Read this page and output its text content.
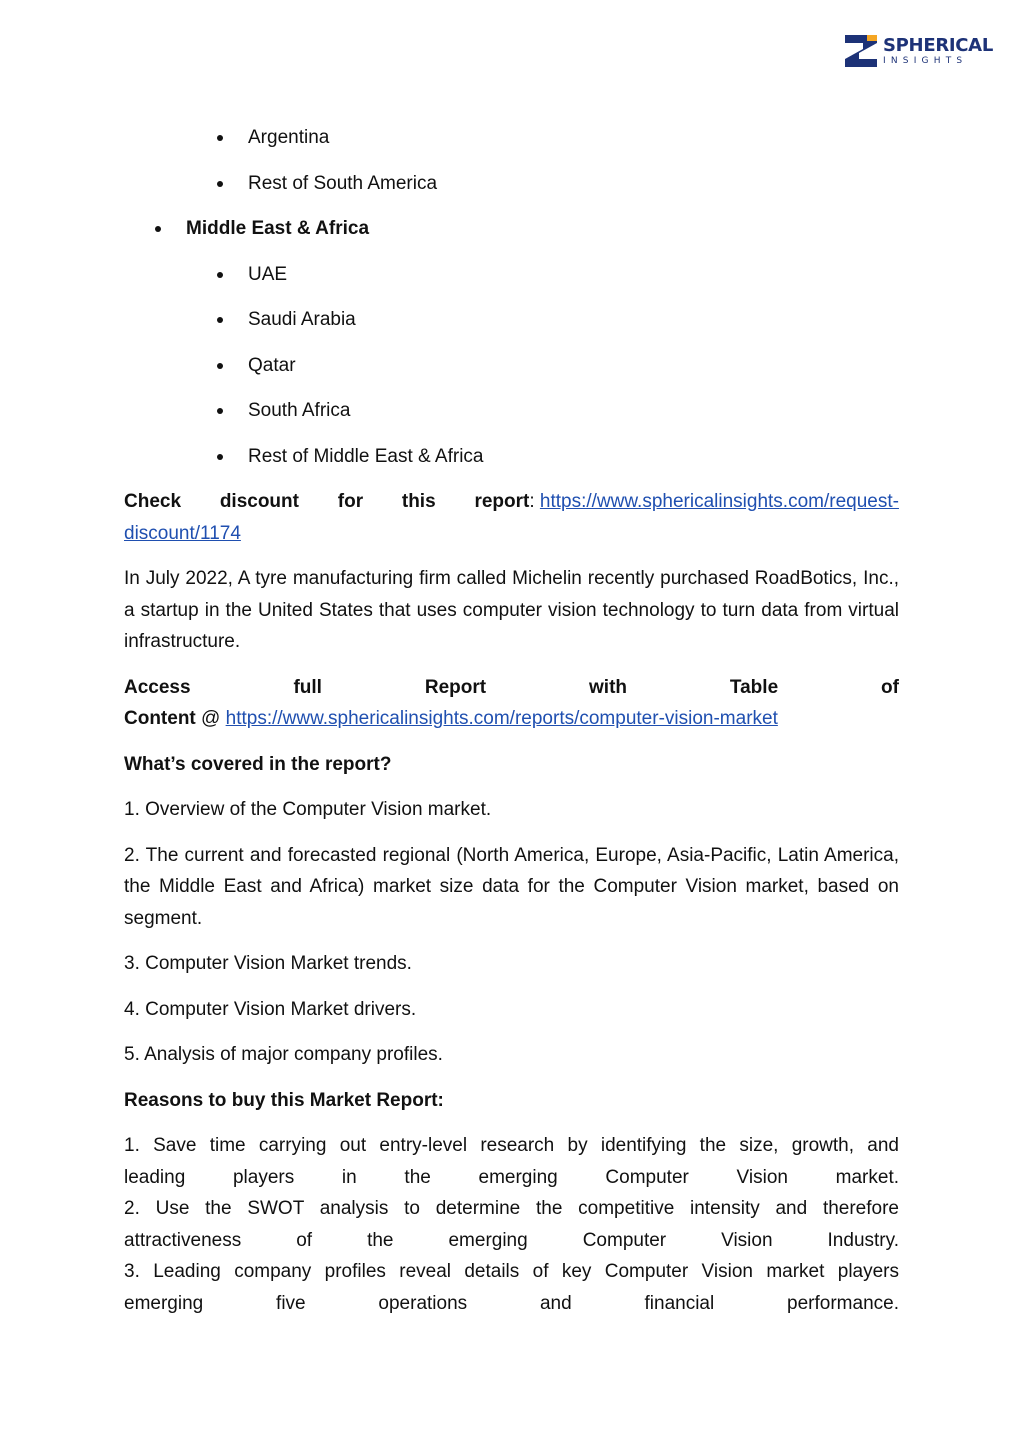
SPHERICAL
INSIGHTS
Argentina
Rest of South America
Middle East & Africa
UAE
Saudi Arabia
Qatar
South Africa
Rest of Middle East & Africa
Check discount for this report: https://www.sphericalinsights.com/request-
discount/1174

In July 2022, A tyre manufacturing firm called Michelin recently purchased RoadBotics, Inc., a startup in the United States that uses computer vision technology to turn data from virtual infrastructure.

Access	full	Report	with	Table	of
Content @ https://www.sphericalinsights.com/reports/computer-vision-market

What’s covered in the report?

1. Overview of the Computer Vision market.

2. The current and forecasted regional (North America, Europe, Asia-Pacific, Latin America, the Middle East and Africa) market size data for the Computer Vision market, based on segment.

3. Computer Vision Market trends.

4. Computer Vision Market drivers.

5. Analysis of major company profiles.

Reasons to buy this Market Report:

1. Save time carrying out entry-level research by identifying the size, growth, and

leading players in the emerging Computer Vision market.

2. Use the SWOT analysis to determine the competitive intensity and therefore

attractiveness of the emerging Computer Vision Industry.

3. Leading company profiles reveal details of key Computer Vision market players

emerging five operations and financial performance.
